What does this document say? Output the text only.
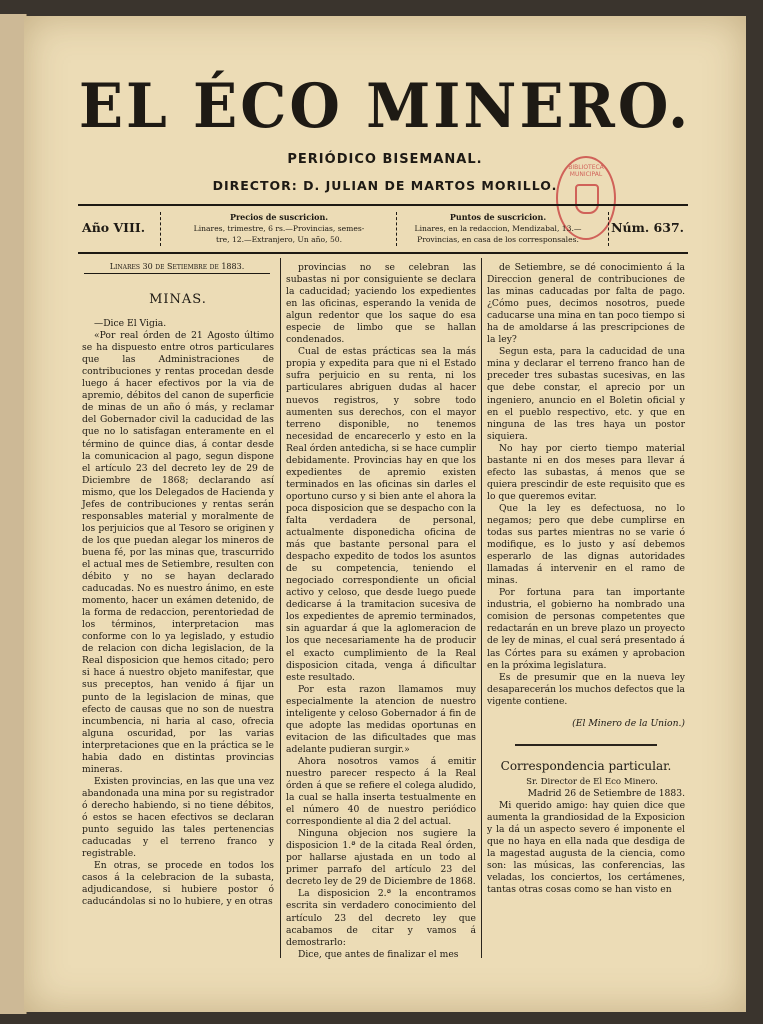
EL ÉCO MINERO.
PERIÓDICO BISEMANAL.
DIRECTOR: D. JULIAN DE MARTOS MORILLO.
BIBLIOTECA MUNICIPAL
Año VIII.
Precios de suscricion.
Linares, trimestre, 6 rs.—Provincias, semes-
tre, 12.—Extranjero, Un año, 50.
Puntos de suscricion.
Linares, en la redaccion, Mendizabal, 13.—
Provincias, en casa de los corresponsales.
Núm. 637.
Linares 30 de Setiembre de 1883.
MINAS.

—Dice El Vigia.

«Por real órden de 21 Agosto último se ha dispuesto entre otros particulares que las Administraciones de contribuciones y rentas procedan desde luego á hacer efectivos por la via de apremio, débitos del canon de superficie de minas de un año ó más, y reclamar del Gobernador civil la caducidad de las que no lo satisfagan enteramente en el término de quince dias, á contar desde la comunicacion al pago, segun dispone el artículo 23 del decreto ley de 29 de Diciembre de 1868; declarando así mismo, que los Delegados de Hacienda y Jefes de contribuciones y rentas serán responsables material y moralmente de los perjuicios que al Tesoro se originen y de los que puedan alegar los mineros de buena fé, por las minas que, trascurrido el actual mes de Setiembre, resulten con débito y no se hayan declarado caducadas. No es nuestro ánimo, en este momento, hacer un exámen detenido, de la forma de redaccion, perentoriedad de los términos, interpretacion mas conforme con lo ya legislado, y estudio de relacion con dicha legislacion, de la Real disposicion que hemos citado; pero si hace á nuestro objeto manifestar, que sus preceptos, han venido á fijar un punto de la legislacion de minas, que efecto de causas que no son de nuestra incumbencia, ni haria al caso, ofrecia alguna oscuridad, por las varias interpretaciones que en la práctica se le habia dado en distintas provincias mineras.

Existen provincias, en las que una vez abandonada una mina por su registrador ó derecho habiendo, si no tiene débitos, ó estos se hacen efectivos se declaran punto seguido las tales pertenencias caducadas y el terreno franco y registrable.

En otras, se procede en todos los casos á la celebracion de la subasta, adjudicandose, si hubiere postor ó caducándolas si no lo hubiere, y en otras

provincias no se celebran las subastas ni por consiguiente se declara la caducidad; yaciendo los expedientes en las oficinas, esperando la venida de algun redentor que los saque do esa especie de limbo que se hallan condenados.

Cual de estas prácticas sea la más propia y expedita para que ni el Estado sufra perjuicio en su renta, ni los particulares abriguen dudas al hacer nuevos registros, y sobre todo aumenten sus derechos, con el mayor terreno disponible, no tenemos necesidad de encarecerlo y esto en la Real órden antedicha, si se hace cumplir debidamente. Provincias hay en que los expedientes de apremio existen terminados en las oficinas sin darles el oportuno curso y si bien ante el ahora la poca disposicion que se despacho con la falta verdadera de personal, actualmente disponedicha oficina de más que bastante personal para el despacho expedito de todos los asuntos de su competencia, teniendo el negociado correspondiente un oficial activo y celoso, que desde luego puede dedicarse á la tramitacion sucesiva de los expedientes de apremio terminados, sin aguardar á que la aglomeracion de los que necesariamente ha de producir el exacto cumplimiento de la Real disposicion citada, venga á dificultar este resultado.

Por esta razon llamamos muy especialmente la atencion de nuestro inteligente y celoso Gobernador á fin de que adopte las medidas oportunas en evitacion de las dificultades que mas adelante pudieran surgir.»

Ahora nosotros vamos á emitir nuestro parecer respecto á la Real órden á que se refiere el colega aludido, la cual se halla inserta testualmente en el número 40 de nuestro periódico correspondiente al dia 2 del actual.

Ninguna objecion nos sugiere la disposicion 1.ª de la citada Real órden, por hallarse ajustada en un todo al primer parrafo del artículo 23 del decreto ley de 29 de Diciembre de 1868.

La disposicion 2.ª la encontramos escrita sin verdadero conocimiento del artículo 23 del decreto ley que acabamos de citar y vamos á demostrarlo:

Dice, que antes de finalizar el mes

de Setiembre, se dé conocimiento á la Direccion general de contribuciones de las minas caducadas por falta de pago. ¿Cómo pues, decimos nosotros, puede caducarse una mina en tan poco tiempo si ha de amoldarse á las prescripciones de la ley?

Segun esta, para la caducidad de una mina y declarar el terreno franco han de preceder tres subastas sucesivas, en las que debe constar, el aprecio por un ingeniero, anuncio en el Boletin oficial y en el pueblo respectivo, etc. y que en ninguna de las tres haya un postor siquiera.

No hay por cierto tiempo material bastante ni en dos meses para llevar á efecto las subastas, á menos que se quiera prescindir de este requisito que es lo que queremos evitar.

Que la ley es defectuosa, no lo negamos; pero que debe cumplirse en todas sus partes mientras no se varie ó modifique, es lo justo y así debemos esperarlo de las dignas autoridades llamadas á intervenir en el ramo de minas.

Por fortuna para tan importante industria, el gobierno ha nombrado una comision de personas competentes que redactarán en un breve plazo un proyecto de ley de minas, el cual será presentado á las Córtes para su exámen y aprobacion en la próxima legislatura.

Es de presumir que en la nueva ley desaparecerán los muchos defectos que la vigente contiene.

(El Minero de la Union.)
Correspondencia particular.

Sr. Director de El Eco Minero.

Madrid 26 de Setiembre de 1883.

Mi querido amigo: hay quien dice que aumenta la grandiosidad de la Exposicion y la dá un aspecto severo é imponente el que no haya en ella nada que desdiga de la magestad augusta de la ciencia, como son: las músicas, las conferencias, las veladas, los conciertos, los certámenes, tantas otras cosas como se han visto en
